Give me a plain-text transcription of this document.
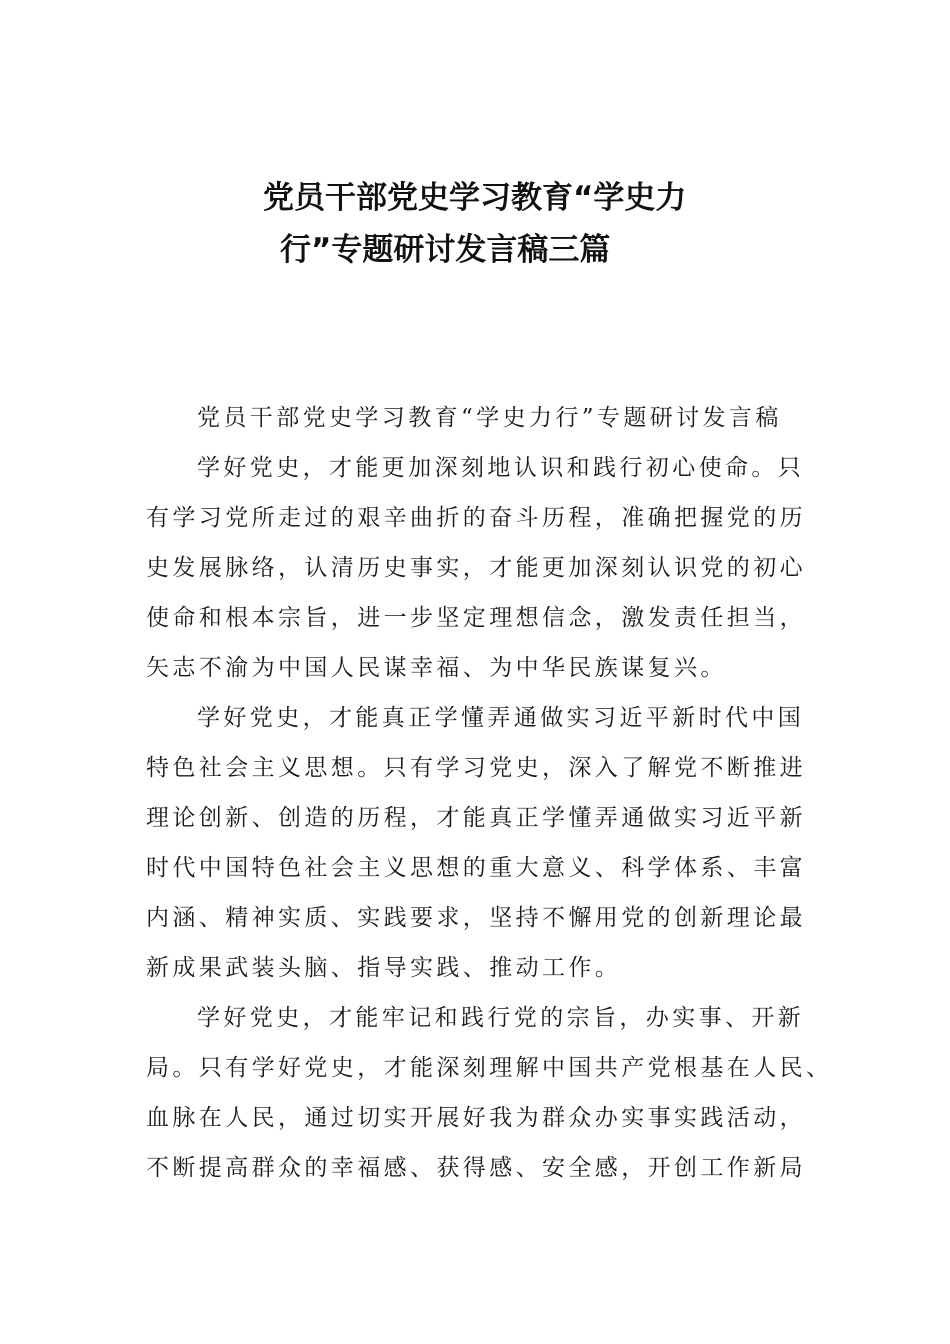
党员干部党史学习教育“学史力
行”专题研讨发言稿三篇
党员干部党史学习教育“学史力行”专题研讨发言稿
学好党史，才能更加深刻地认识和践行初心使命。只
有学习党所走过的艰辛曲折的奋斗历程，准确把握党的历
史发展脉络，认清历史事实，才能更加深刻认识党的初心
使命和根本宗旨，进一步坚定理想信念，激发责任担当，
矢志不渝为中国人民谋幸福、为中华民族谋复兴。
学好党史，才能真正学懂弄通做实习近平新时代中国
特色社会主义思想。只有学习党史，深入了解党不断推进
理论创新、创造的历程，才能真正学懂弄通做实习近平新
时代中国特色社会主义思想的重大意义、科学体系、丰富
内涵、精神实质、实践要求，坚持不懈用党的创新理论最
新成果武装头脑、指导实践、推动工作。
学好党史，才能牢记和践行党的宗旨，办实事、开新
局。只有学好党史，才能深刻理解中国共产党根基在人民、
血脉在人民，通过切实开展好我为群众办实事实践活动，
不断提高群众的幸福感、获得感、安全感，开创工作新局
